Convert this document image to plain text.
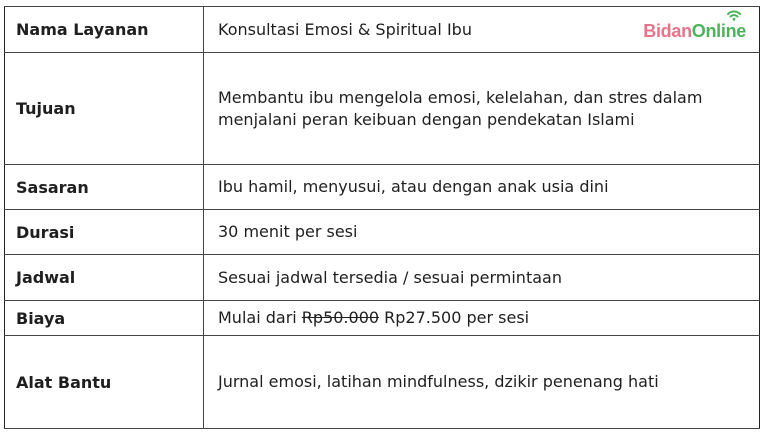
Nama Layanan	Konsultasi Emosi & Spiritual Ibu
Tujuan	Membantu ibu mengelola emosi, kelelahan, dan stres dalam menjalani peran keibuan dengan pendekatan Islami
Sasaran	Ibu hamil, menyusui, atau dengan anak usia dini
Durasi	30 menit per sesi
Jadwal	Sesuai jadwal tersedia / sesuai permintaan
Biaya	Mulai dari Rp50.000 Rp27.500 per sesi
Alat Bantu	Jurnal emosi, latihan mindfulness, dzikir penenang hati
BidanOnline
